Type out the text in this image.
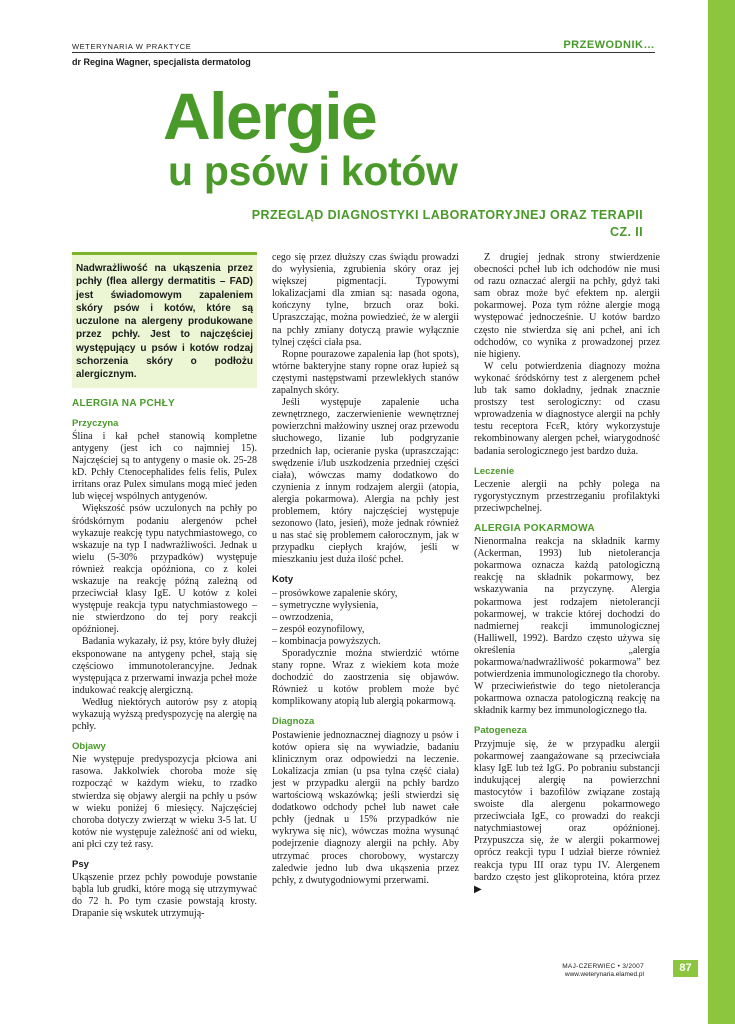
WETERYNARIA W PRAKTYCE	PRZEWODNIK…
dr Regina Wagner, specjalista dermatolog
Alergie
u psów i kotów
PRZEGLĄD DIAGNOSTYKI LABORATORYJNEJ ORAZ TERAPII
CZ. II
Nadwrażliwość na ukąszenia przez pchły (flea allergy dermatitis – FAD) jest świadomowym zapaleniem skóry psów i kotów, które są uczulone na alergeny produkowane przez pchły. Jest to najczęściej występujący u psów i kotów rodzaj schorzenia skóry o podłożu alergicznym.
ALERGIA NA PCHŁY
Przyczyna

Ślina i kał pcheł stanowią kompletne antygeny (jest ich co najmniej 15). Najczęściej są to antygeny o masie ok. 25-28 kD. Pchły Ctenocephalides felis felis, Pulex irritans oraz Pulex simulans mogą mieć jeden lub więcej wspólnych antygenów.

Większość psów uczulonych na pchły po śródskórnym podaniu alergenów pcheł wykazuje reakcję typu natychmiastowego, co wskazuje na typ I nadwrażliwości. Jednak u wielu (5-30% przypadków) występuje również reakcja opóźniona, co z kolei wskazuje na reakcję późną zależną od przeciwciał klasy IgE. U kotów z kolei występuje reakcja typu natychmiastowego – nie stwierdzono do tej pory reakcji opóźnionej.

Badania wykazały, iż psy, które były dłużej eksponowane na antygeny pcheł, stają się częściowo immunotolerancyjne. Jednak występująca z przerwami inwazja pcheł może indukować reakcję alergiczną.

Według niektórych autorów psy z atopią wykazują wyższą predyspozycję na alergię na pchły.

Objawy

Nie występuje predyspozycja płciowa ani rasowa. Jakkolwiek choroba może się rozpocząć w każdym wieku, to rzadko stwierdza się objawy alergii na pchły u psów w wieku poniżej 6 miesięcy. Najczęściej choroba dotyczy zwierząt w wieku 3-5 lat. U kotów nie występuje zależność ani od wieku, ani płci czy też rasy.

Psy

Ukąszenie przez pchły powoduje powstanie bąbla lub grudki, które mogą się utrzymywać do 72 h. Po tym czasie powstają krosty. Drapanie się wskutek utrzymują-

cego się przez dłuższy czas świądu prowadzi do wyłysienia, zgrubienia skóry oraz jej większej pigmentacji. Typowymi lokalizacjami dla zmian są: nasada ogona, kończyny tylne, brzuch oraz boki. Upraszczając, można powiedzieć, że w alergii na pchły zmiany dotyczą prawie wyłącznie tylnej części ciała psa.

Ropne pourazowe zapalenia łap (hot spots), wtórne bakteryjne stany ropne oraz łupież są częstymi następstwami przewlekłych stanów zapalnych skóry.

Jeśli występuje zapalenie ucha zewnętrznego, zaczerwienienie wewnętrznej powierzchni małżowiny usznej oraz przewodu słuchowego, lizanie lub podgryzanie przednich łap, ocieranie pyska (upraszczając: swędzenie i/lub uszkodzenia przedniej części ciała), wówczas mamy dodatkowo do czynienia z innym rodzajem alergii (atopia, alergia pokarmowa). Alergia na pchły jest problemem, który najczęściej występuje sezonowo (lato, jesień), może jednak również u nas stać się problemem całorocznym, jak w przypadku ciepłych krajów, jeśli w mieszkaniu jest duża ilość pcheł.

Koty
– prosówkowe zapalenie skóry,
– symetryczne wyłysienia,
– owrzodzenia,
– zespół eozynofilowy,
– kombinacja powyższych.

Sporadycznie można stwierdzić wtórne stany ropne. Wraz z wiekiem kota może dochodzić do zaostrzenia się objawów. Również u kotów problem może być komplikowany atopią lub alergią pokarmową.

Diagnoza

Postawienie jednoznacznej diagnozy u psów i kotów opiera się na wywiadzie, badaniu klinicznym oraz odpowiedzi na leczenie. Lokalizacja zmian (u psa tylna część ciała) jest w przypadku alergii na pchły bardzo wartościową wskazówką; jeśli stwierdzi się dodatkowo odchody pcheł lub nawet całe pchły (jednak u 15% przypadków nie wykrywa się nic), wówczas można wysunąć podejrzenie diagnozy alergii na pchły. Aby utrzymać proces chorobowy, wystarczy zaledwie jedno lub dwa ukąszenia przez pchły, z dwutygodniowymi przerwami.

Z drugiej jednak strony stwierdzenie obecności pcheł lub ich odchodów nie musi od razu oznaczać alergii na pchły, gdyż taki sam obraz może być efektem np. alergii pokarmowej. Poza tym różne alergie mogą występować jednocześnie. U kotów bardzo często nie stwierdza się ani pcheł, ani ich odchodów, co wynika z prowadzonej przez nie higieny.

W celu potwierdzenia diagnozy można wykonać śródskórny test z alergenem pcheł lub tak samo dokładny, jednak znacznie prostszy test serologiczny: od czasu wprowadzenia w diagnostyce alergii na pchły testu receptora FcεR, który wykorzystuje rekombinowany alergen pcheł, wiarygodność badania serologicznego jest bardzo duża.

Leczenie

Leczenie alergii na pchły polega na rygorystycznym przestrzeganiu profilaktyki przeciwpchelnej.

ALERGIA POKARMOWA

Nienormalna reakcja na składnik karmy (Ackerman, 1993) lub nietolerancja pokarmowa oznacza każdą patologiczną reakcję na składnik pokarmowy, bez wskazywania na przyczynę. Alergia pokarmowa jest rodzajem nietolerancji pokarmowej, w trakcie której dochodzi do nadmiernej reakcji immunologicznej (Halliwell, 1992). Bardzo często używa się określenia „alergia pokarmowa/nadwrażliwość pokarmowa” bez potwierdzenia immunologicznego tła choroby. W przeciwieństwie do tego nietolerancja pokarmowa oznacza patologiczną reakcję na składnik karmy bez immunologicznego tła.

Patogeneza

Przyjmuje się, że w przypadku alergii pokarmowej zaangażowane są przeciwciała klasy IgE lub też IgG. Po pobraniu substancji indukującej alergię na powierzchni mastocytów i bazofilów związane zostają swoiste dla alergenu pokarmowego przeciwciała IgE, co prowadzi do reakcji natychmiastowej oraz opóźnionej. Przypuszcza się, że w alergii pokarmowej oprócz reakcji typu I udział bierze również reakcja typu III oraz typu IV. Alergenem bardzo często jest glikoproteina, która przez ▶

MAJ-CZERWIEC • 3/2007
www.weterynaria.elamed.pl
87
